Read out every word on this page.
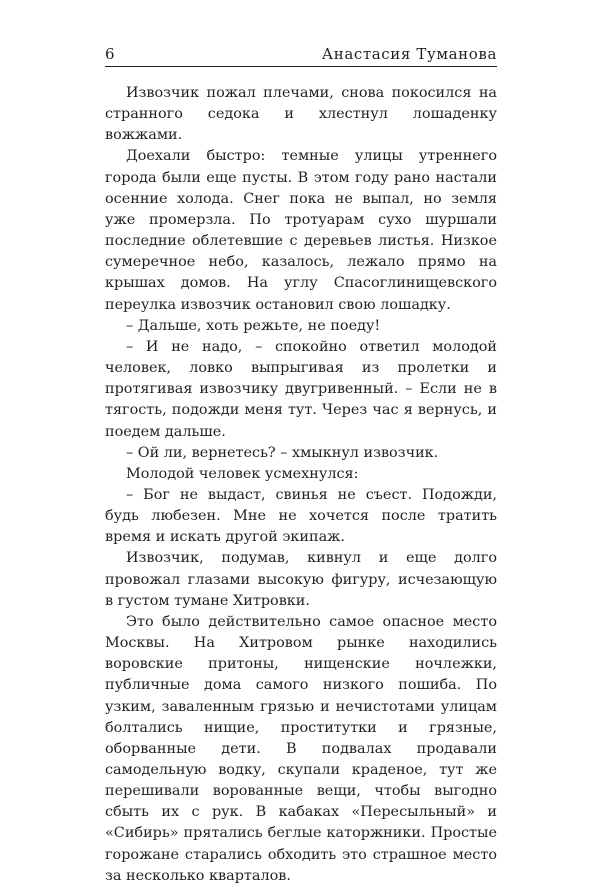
6	Анастасия Туманова

Извозчик пожал плечами, снова покосился на странного седока и хлестнул лошаденку вожжами.

Доехали быстро: темные улицы утреннего города были еще пусты. В этом году рано настали осенние холода. Снег пока не выпал, но земля уже промерзла. По тротуарам сухо шуршали последние облетевшие с деревьев листья. Низкое сумеречное небо, казалось, лежало прямо на крышах домов. На углу Спасоглинищевского переулка извозчик остановил свою лошадку.

– Дальше, хоть режьте, не поеду!

– И не надо, – спокойно ответил молодой человек, ловко выпрыгивая из пролетки и протягивая извозчику двугривенный. – Если не в тягость, подожди меня тут. Через час я вернусь, и поедем дальше.

– Ой ли, вернетесь? – хмыкнул извозчик.

Молодой человек усмехнулся:

– Бог не выдаст, свинья не съест. Подожди, будь любезен. Мне не хочется после тратить время и искать другой экипаж.

Извозчик, подумав, кивнул и еще долго провожал глазами высокую фигуру, исчезающую в густом тумане Хитровки.

Это было действительно самое опасное место Москвы. На Хитровом рынке находились воровские притоны, нищенские ночлежки, публичные дома самого низкого пошиба. По узким, заваленным грязью и нечистотами улицам болтались нищие, проститутки и грязные, оборванные дети. В подвалах продавали самодельную водку, скупали краденое, тут же перешивали ворованные вещи, чтобы выгодно сбыть их с рук. В кабаках «Пересыльный» и «Сибирь» прятались беглые каторжники. Простые горожане старались обходить это страшное место за несколько кварталов.
